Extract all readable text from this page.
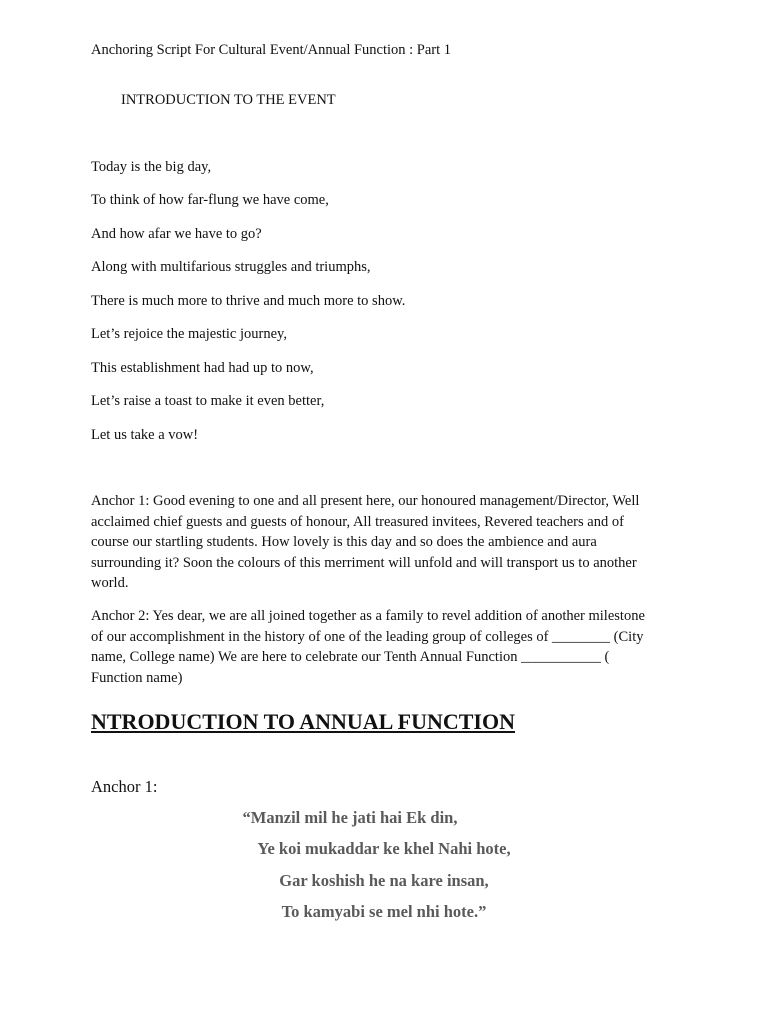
Anchoring Script For Cultural Event/Annual Function : Part 1
INTRODUCTION TO THE EVENT
Today is the big day,
To think of how far-flung we have come,
And how afar we have to go?
Along with multifarious struggles and triumphs,
There is much more to thrive and much more to show.
Let’s rejoice the majestic journey,
This establishment had had up to now,
Let’s raise a toast to make it even better,
Let us take a vow!
Anchor 1: Good evening to one and all present here, our honoured management/Director, Well
acclaimed chief guests and guests of honour, All treasured invitees, Revered teachers and of
course our startling students. How lovely is this day and so does the ambience and aura
surrounding it? Soon the colours of this merriment will unfold and will transport us to another
world.
Anchor 2: Yes dear, we are all joined together as a family to revel addition of another milestone
of our accomplishment in the history of one of the leading group of colleges of ________ (City
name, College name) We are here to celebrate our Tenth Annual Function ___________ (
Function name)
NTRODUCTION TO ANNUAL FUNCTION
Anchor 1:
“Manzil mil he jati hai Ek din,
Ye koi mukaddar ke khel Nahi hote,
Gar koshish he na kare insan,
To kamyabi se mel nhi hote.”
